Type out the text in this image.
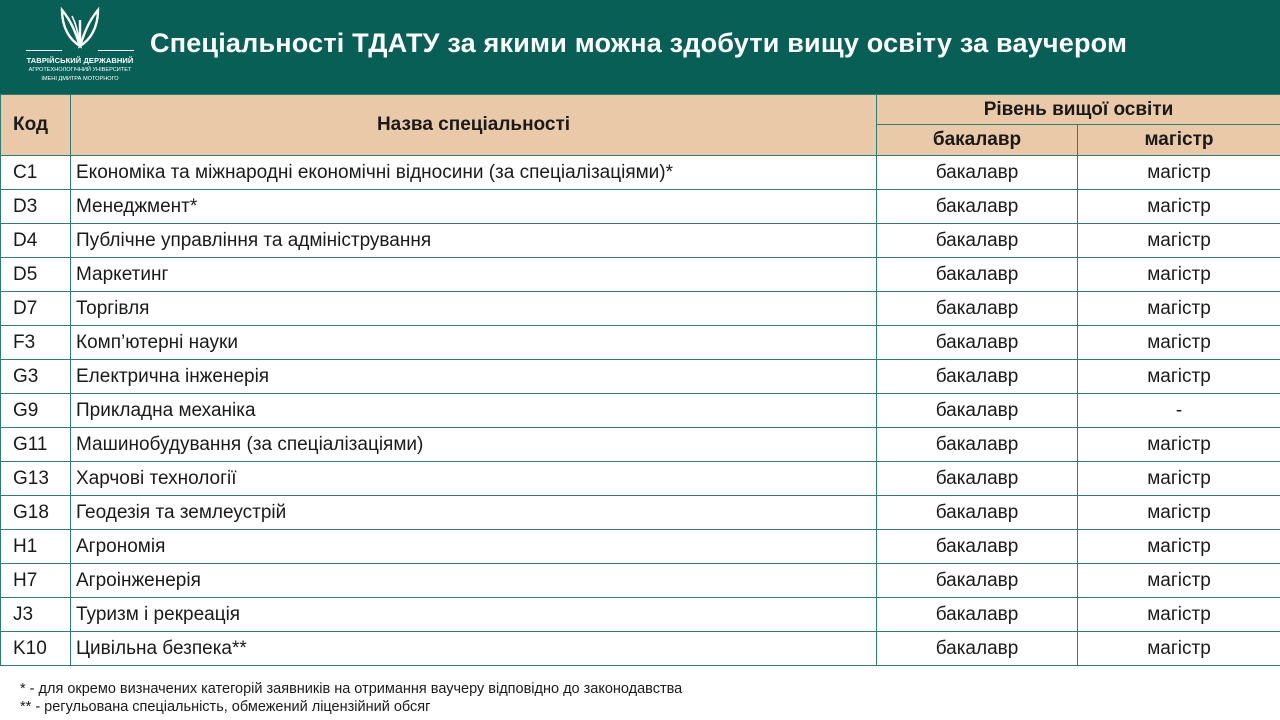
ТАВРІЙСЬКИЙ ДЕРЖАВНИЙ
АГРОТЕХНОЛОГІЧНИЙ УНІВЕРСИТЕТ
ІМЕНІ ДМИТРА МОТОРНОГО
Спеціальності ТДАТУ за якими можна здобути вищу освіту за ваучером
Код	Назва спеціальності	Рівень вищої освіти	
		бакалавр	магістр
C1	Економіка та міжнародні економічні відносини (за спеціалізаціями)*	бакалавр	магістр
D3	Менеджмент*	бакалавр	магістр
D4	Публічне управління та адміністрування	бакалавр	магістр
D5	Маркетинг	бакалавр	магістр
D7	Торгівля	бакалавр	магістр
F3	Комп’ютерні науки	бакалавр	магістр
G3	Електрична інженерія	бакалавр	магістр
G9	Прикладна механіка	бакалавр	-
G11	Машинобудування (за спеціалізаціями)	бакалавр	магістр
G13	Харчові технології	бакалавр	магістр
G18	Геодезія та землеустрій	бакалавр	магістр
H1	Агрономія	бакалавр	магістр
H7	Агроінженерія	бакалавр	магістр
J3	Туризм і рекреація	бакалавр	магістр
K10	Цивільна безпека**	бакалавр	магістр
* - для окремо визначених категорій заявників на отримання ваучеру відповідно до законодавства
** - регульована спеціальність, обмежений ліцензійний обсяг
